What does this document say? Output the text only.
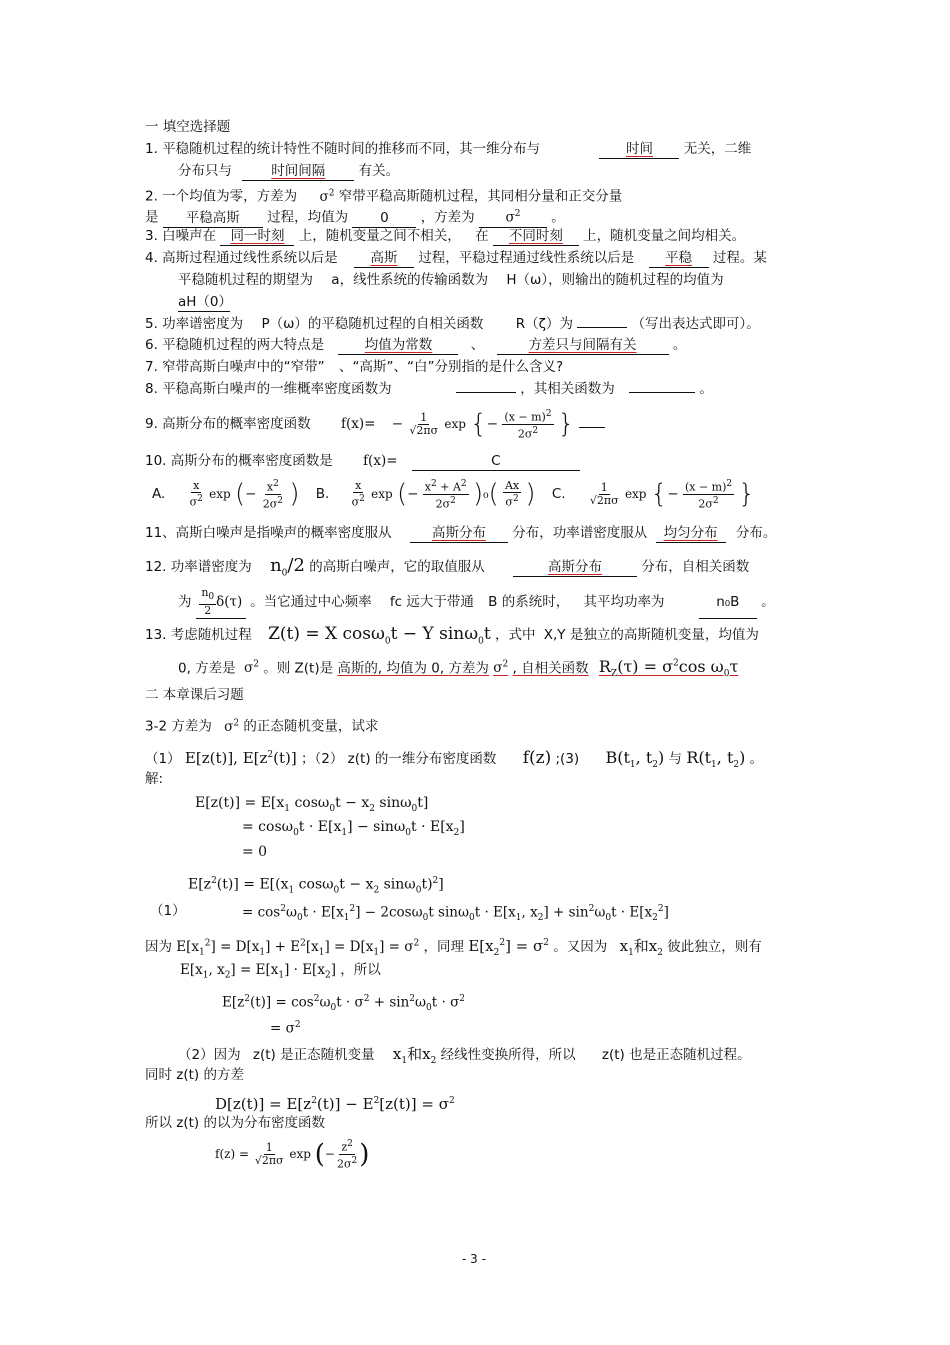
一 填空选择题
1. 平稳随机过程的统计特性不随时间的推移而不同，其一维分布与	时间 无关，二维
分布只与	时间间隔 有关。
2. 一个均值为零，方差为 $\sigma^2$ 窄带平稳高斯随机过程，其同相分量和正交分量
是 平稳高斯 过程，均值为 0 ，方差为 $\sigma^2$ 。
3. 白噪声在 同一时刻 上，随机变量之间不相关， 在 不同时刻 上，随机变量之间均相关。
4. 高斯过程通过线性系统以后是 高斯 过程，平稳过程通过线性系统以后是 平稳 过程。某
平稳随机过程的期望为 a，线性系统的传输函数为 H（ω），则输出的随机过程的均值为
aH（0）
5. 功率谱密度为 P（ω）的平稳随机过程的自相关函数 R（ζ）为	（写出表达式即可）。
6. 平稳随机过程的两大特点是	均值为常数	、	方差只与间隔有关	。
7. 窄带高斯白噪声中的“窄带” 、“高斯”、“白”分别指的是什么含义?
8. 平稳高斯白噪声的一维概率密度函数为	，其相关函数为	。
9. 高斯分布的概率密度函数 $f(x)= - \frac{1}{√2\pi\sigma}$ exp {− $\frac{(x - m)^2}{2\sigma^2}$ }
10. 高斯分布的概率密度函数是 f(x)=	C
A. $\frac{x}{\sigma^2}$ exp (− $\frac{x^2}{2\sigma^2}$ ) B. $\frac{x}{\sigma^2}$ exp (− $\frac{x^2 + A^2}{2\sigma^2} )_0( \frac{Ax}{\sigma^2}$ ) C. $\frac{1}{√2\pi\sigma}$ exp {− $\frac{(x - m)^2}{2\sigma^2}$ }
11、高斯白噪声是指噪声的概率密度服从	高斯分布 分布，功率谱密度服从 均匀分布 分布。
12. 功率谱密度为 $n_0/2$ 的高斯白噪声，它的取值服从	高斯分布	分布，自相关函数
为 $\frac{n_0}{2} \delta(\tau)$ 。当它通过中心频率 fc 远大于带通 B 的系统时， 其平均功率为	n₀B 。
13. 考虑随机过程 Z(t) = X cosω$_0$t − Y sinω$_0$t ，式中 X,Y 是独立的高斯随机变量，均值为
0, 方差是 $\sigma^2$ 。则 Z(t)是 高斯的, 均值为 0, 方差为 $\sigma^2$ , 自相关函数 $R_Z(\tau) = \sigma^2\cos$ $\omega_0\tau$
二 本章课后习题
3-2 方差为 $\sigma^2$ 的正态随机变量，试求
（1） E[z(t)], $E[z^2(t)]$ ；（2） z(t) 的一维分布密度函数 f(z) ;(3) $B(t_1$, $t_2$) 与 $R(t_1$, $t_2$) 。
解:
$E[z(t)] = E[x_1$ $\cos\omega_0t - x_2$ sinω$_0$t]
= $\cos\omega_0t \cdot E[x_1] - \sin\omega_0t \cdot E[x_2]$
= 0
$E[z^2(t)] = E[(x_1$ $\cos\omega_0t - x_2$ sinω$_0$t)$^2$]
（1）	= $\cos^2\omega_0t \cdot E[x_1^2] - 2\cos\omega_0t$ $\sin\omega_0t \cdot E[x_1$, $x_2] + \sin^2\omega_0t \cdot E[x_2^2]$
因为 $E[x_1^2] = D[x_1] + E^2[x_1] = D[x_1] = \sigma^2$ ，同理 $E[x_2^2] = \sigma^2$ 。又因为 $x_1$和$x_2$ 彼此独立，则有
$E[x_1$, $x_2] = E[x_1] \cdot E[x_2]$ ，所以
$E[z^2(t)] = \cos^2\omega_0t \cdot \sigma^2 + \sin^2\omega_0t \cdot \sigma^2$
= $\sigma^2$
（2）因为 z(t) 是正态随机变量 $x_1$和$x_2$ 经线性变换所得，所以 z(t) 也是正态随机过程。
同时 z(t) 的方差
$D[z(t)] = E[z^2(t)] - E^2[z(t)] = \sigma^2$
所以 z(t) 的以为分布密度函数
$f(z) = \frac{1}{√2\pi\sigma}$ exp (− $\frac{z^2}{2\sigma^2}$ )
- 3 -
